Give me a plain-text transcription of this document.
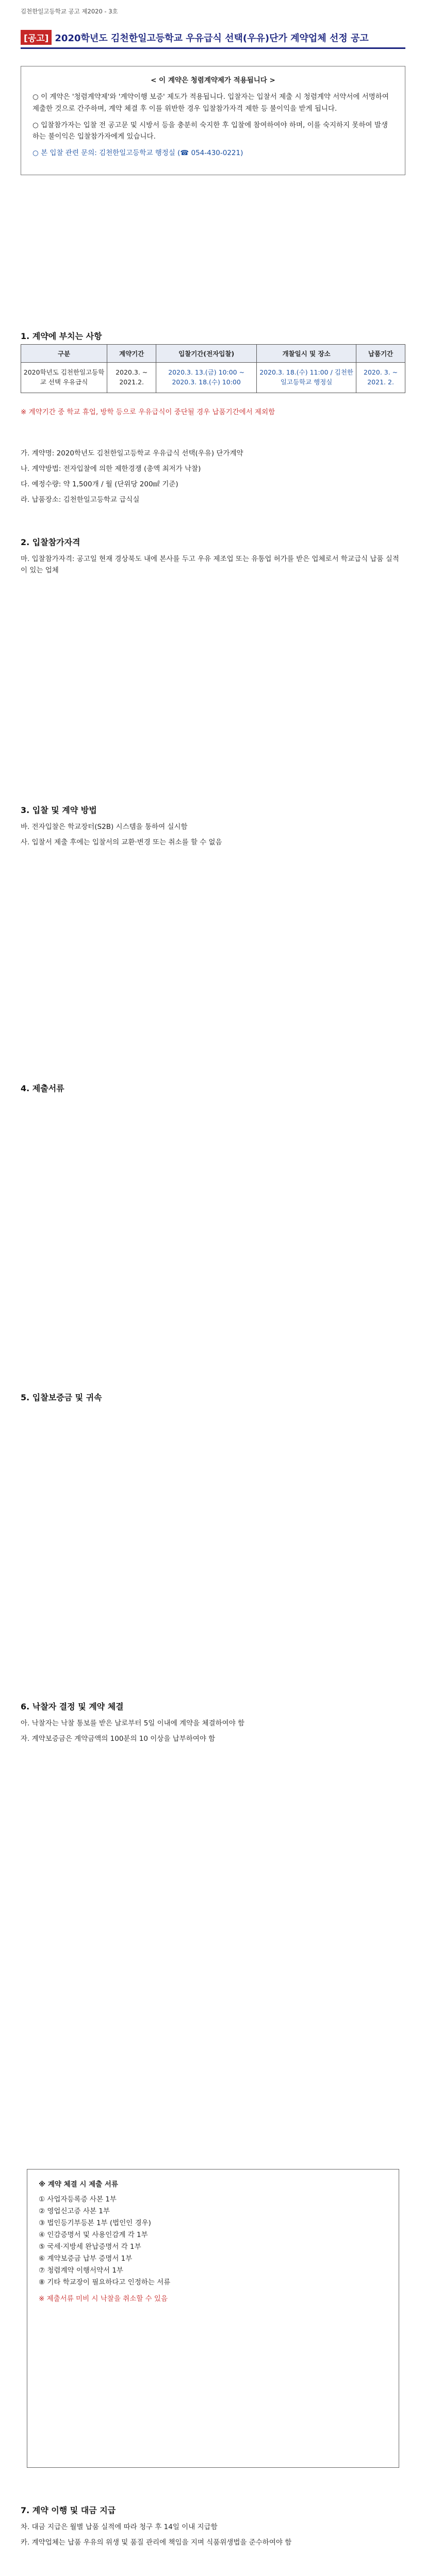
김천한일고등학교 공고 제2020 - 3호
[공고] 2020학년도 김천한일고등학교 우유급식 선택(우유)단가 계약업체 선정 공고

< 이 계약은 청렴계약제가 적용됩니다 >

○ 이 계약은 '청렴계약제'와 '계약이행 보증' 제도가 적용됩니다. 입찰자는 입찰서 제출 시 청렴계약 서약서에 서명하여 제출한 것으로 간주하며, 계약 체결 후 이를 위반한 경우 입찰참가자격 제한 등 불이익을 받게 됩니다.

○ 입찰참가자는 입찰 전 공고문 및 시방서 등을 충분히 숙지한 후 입찰에 참여하여야 하며, 이를 숙지하지 못하여 발생하는 불이익은 입찰참가자에게 있습니다.

○ 본 입찰 관련 문의: 김천한일고등학교 행정실 (☎ 054-430-0221)

1. 계약에 부치는 사항
구분	계약기간	입찰기간(전자입찰)	개찰일시 및 장소	납품기간
2020학년도 김천한일고등학교 선택 우유급식	2020.3. ~ 2021.2.	2020.3. 13.(금) 10:00 ~ 2020.3. 18.(수) 10:00	2020.3. 18.(수) 11:00 / 김천한일고등학교 행정실	2020. 3. ~ 2021. 2.
※ 계약기간 중 학교 휴업, 방학 등으로 우유급식이 중단될 경우 납품기간에서 제외함
가. 계약명: 2020학년도 김천한일고등학교 우유급식 선택(우유) 단가계약
나. 계약방법: 전자입찰에 의한 제한경쟁 (총액 최저가 낙찰)
다. 예정수량: 약 1,500개 / 월 (단위당 200㎖ 기준)
라. 납품장소: 김천한일고등학교 급식실
2. 입찰참가자격
마. 입찰참가자격: 공고일 현재 경상북도 내에 본사를 두고 우유 제조업 또는 유통업 허가를 받은 업체로서 학교급식 납품 실적이 있는 업체
3. 입찰 및 계약 방법
바. 전자입찰은 학교장터(S2B) 시스템을 통하여 실시함
사. 입찰서 제출 후에는 입찰서의 교환·변경 또는 취소를 할 수 없음
4. 제출서류
5. 입찰보증금 및 귀속
6. 낙찰자 결정 및 계약 체결
아. 낙찰자는 낙찰 통보를 받은 날로부터 5일 이내에 계약을 체결하여야 함
자. 계약보증금은 계약금액의 100분의 10 이상을 납부하여야 함
※ 계약 체결 시 제출 서류
① 사업자등록증 사본 1부
② 영업신고증 사본 1부
③ 법인등기부등본 1부 (법인인 경우)
④ 인감증명서 및 사용인감계 각 1부
⑤ 국세·지방세 완납증명서 각 1부
⑥ 계약보증금 납부 증명서 1부
⑦ 청렴계약 이행서약서 1부
⑧ 기타 학교장이 필요하다고 인정하는 서류
※ 제출서류 미비 시 낙찰을 취소할 수 있음
7. 계약 이행 및 대금 지급
차. 대금 지급은 월별 납품 실적에 따라 청구 후 14일 이내 지급함
카. 계약업체는 납품 우유의 위생 및 품질 관리에 책임을 지며 식품위생법을 준수하여야 함
